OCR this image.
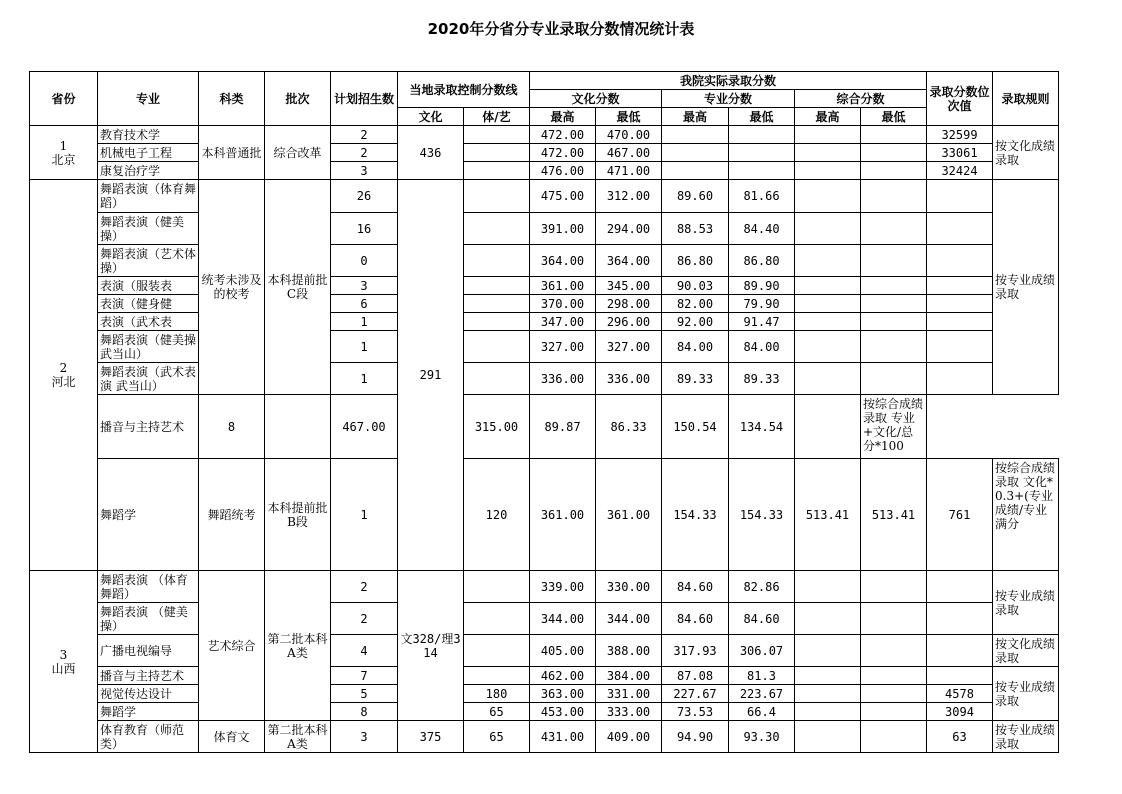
2020年分省分专业录取分数情况统计表
省份	专业	科类	批次	计划招生数	当地录取控制分数线		我院实际录取分数						录取分数位次值	录取规则
							文化分数		专业分数		综合分数			
					文化	体/艺	最高	最低	最高	最低	最高	最低		
1
北京	教育技术学	本科普通批	综合改革	2	436		472.00	470.00					32599	按文化成绩录取
	机械电子工程			2			472.00	467.00					33061	
	康复治疗学			3			476.00	471.00					32424	
2
河北	舞蹈表演（体育舞蹈）	统考未涉及的校考	本科提前批C段	26	291		475.00	312.00	89.60	81.66				按专业成绩录取
	舞蹈表演（健美操）			16			391.00	294.00	88.53	84.40				
	舞蹈表演（艺术体操）			0			364.00	364.00	86.80	86.80				
	表演（服装表			3			361.00	345.00	90.03	89.90				
	表演（健身健			6			370.00	298.00	82.00	79.90				
	表演（武术表			1			347.00	296.00	92.00	91.47				
	舞蹈表演（健美操 武当山）			1			327.00	327.00	84.00	84.00				
	舞蹈表演（武术表演 武当山）			1			336.00	336.00	89.33	89.33				
	播音与主持艺术	8		467.00		315.00	89.87	86.33	150.54	134.54		按综合成绩录取 专业+文化/总分*100		
	舞蹈学	舞蹈统考	本科提前批B段	1		120	361.00	361.00	154.33	154.33	513.41	513.41	761	按综合成绩录取 文化*0.3+(专业成绩/专业满分
3
山西	舞蹈表演 （体育舞蹈）	艺术综合	第二批本科A类	2	文328/理314		339.00	330.00	84.60	82.86				按专业成绩录取
	舞蹈表演 （健美操）			2			344.00	344.00	84.60	84.60				
	广播电视编导			4			405.00	388.00	317.93	306.07				按文化成绩录取
	播音与主持艺术			7			462.00	384.00	87.08	81.3				按专业成绩录取
	视觉传达设计			5		180	363.00	331.00	227.67	223.67			4578	
	舞蹈学			8		65	453.00	333.00	73.53	66.4			3094	
	体育教育（师范类）	体育文	第二批本科A类	3	375	65	431.00	409.00	94.90	93.30			63	按专业成绩录取
